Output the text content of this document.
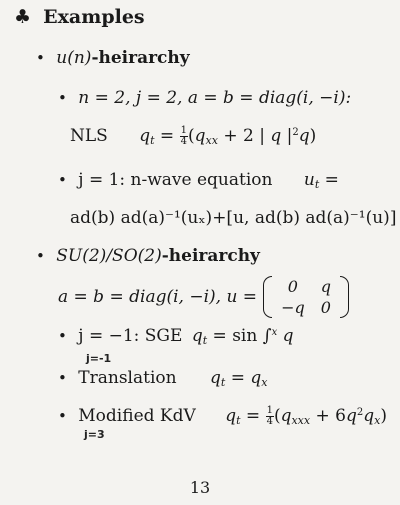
♣ Examples
• u(n)-heirarchy
• n = 2, j = 2, a = b = diag(i, −i):
NLS $q_t = \frac{1}{4} (q_{xx} + 2$ | q $|^2q$)
• j = 1: n-wave equation $u_t$ =
ad(b) ad(a)⁻¹(uₓ)+[u, ad(b) ad(a)⁻¹(u)]
• SU(2)/SO(2)-heirarchy
a = b = diag(i, −i), u =
0	q
−q	0
• j = −1: SGE $q_t = \sin \int^x$ q
j=-1
• Translation $q_t = q_x$
• Modified KdV $q_t = \frac{1}{4} (q_{xxx} + 6q^2q_x)$
j=3
13
